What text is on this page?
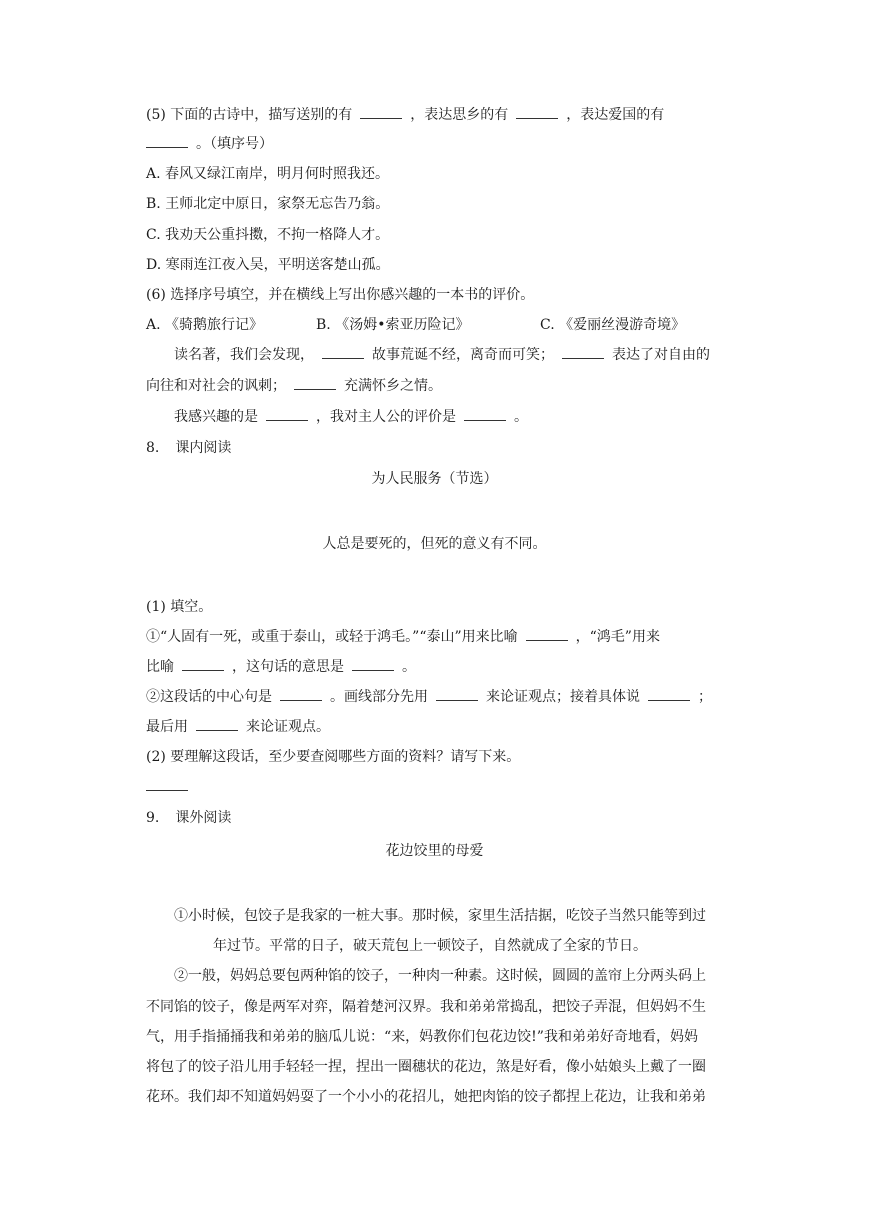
(5) 下面的古诗中，描写送别的有	，表达思乡的有	，表达爱国的有
。（填序号）
A. 春风又绿江南岸，明月何时照我还。
B. 王师北定中原日，家祭无忘告乃翁。
C. 我劝天公重抖擞，不拘一格降人才。
D. 寒雨连江夜入吴，平明送客楚山孤。
(6) 选择序号填空，并在横线上写出你感兴趣的一本书的评价。
A. 《骑鹅旅行记》	B. 《汤姆•索亚历险记》	C. 《爱丽丝漫游奇境》
读名著，我们会发现，	故事荒诞不经，离奇而可笑；	表达了对自由的
向往和对社会的讽刺；	充满怀乡之情。
我感兴趣的是	，我对主人公的评价是	。
8. 课内阅读
为人民服务（节选）
人总是要死的，但死的意义有不同。
(1) 填空。
①“人固有一死，或重于泰山，或轻于鸿毛。”“泰山”用来比喻	，“鸿毛”用来
比喻	，这句话的意思是	。
②这段话的中心句是	。画线部分先用	来论证观点；接着具体说	；
最后用	来论证观点。
(2) 要理解这段话，至少要查阅哪些方面的资料？请写下来。
9. 课外阅读
花边饺里的母爱
①小时候，包饺子是我家的一桩大事。那时候，家里生活拮据，吃饺子当然只能等到过
年过节。平常的日子，破天荒包上一顿饺子，自然就成了全家的节日。
②一般，妈妈总要包两种馅的饺子，一种肉一种素。这时候，圆圆的盖帘上分两头码上
不同馅的饺子，像是两军对弈，隔着楚河汉界。我和弟弟常捣乱，把饺子弄混，但妈妈不生
气，用手指捅捅我和弟弟的脑瓜儿说：“来，妈教你们包花边饺!”我和弟弟好奇地看，妈妈
将包了的饺子沿儿用手轻轻一捏，捏出一圈穗状的花边，煞是好看，像小姑娘头上戴了一圈
花环。我们却不知道妈妈耍了一个小小的花招儿，她把肉馅的饺子都捏上花边，让我和弟弟
